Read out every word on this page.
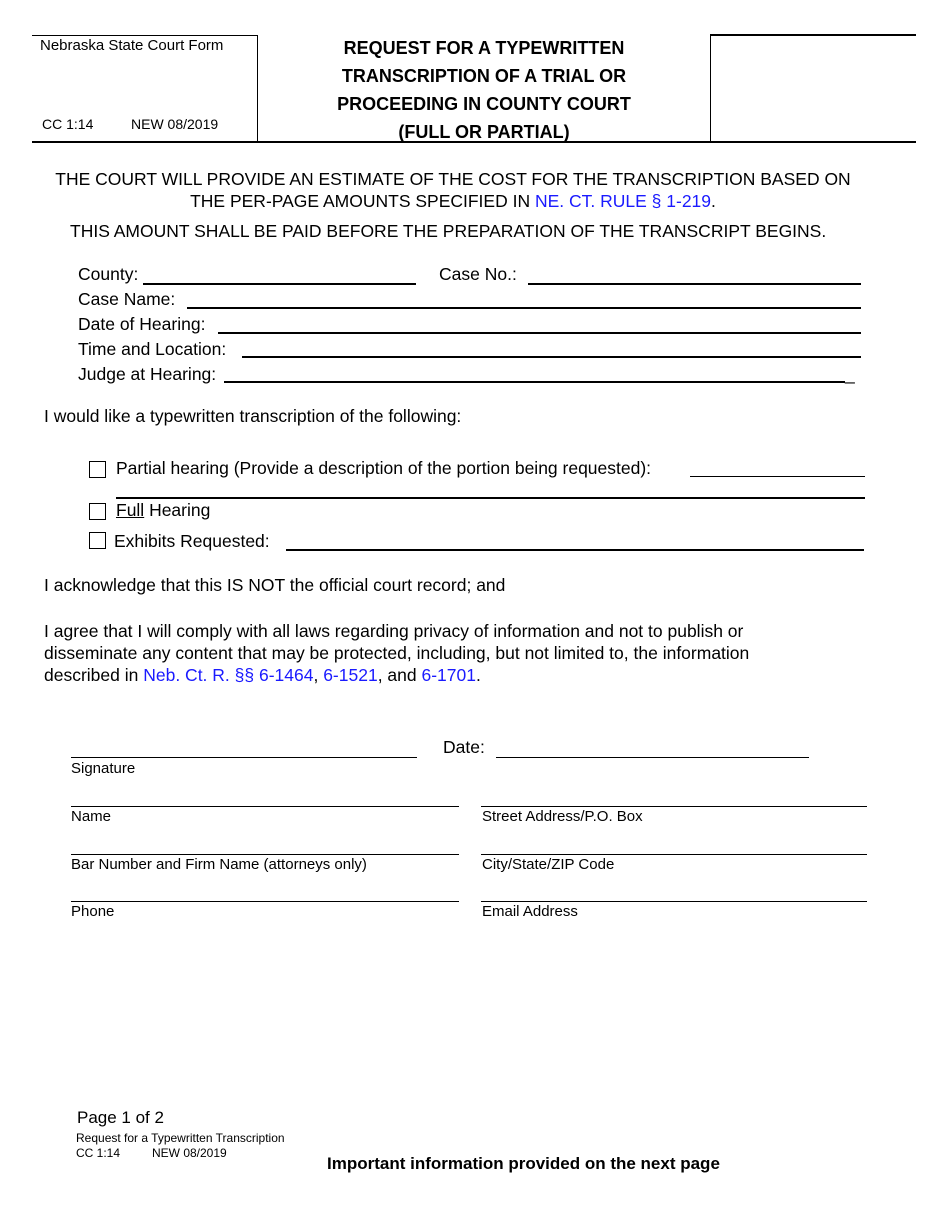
Nebraska State Court Form
CC 1:14	NEW 08/2019
REQUEST FOR A TYPEWRITTEN
TRANSCRIPTION OF A TRIAL OR
PROCEEDING IN COUNTY COURT
(FULL OR PARTIAL)
THE COURT WILL PROVIDE AN ESTIMATE OF THE COST FOR THE TRANSCRIPTION BASED ON
THE PER-PAGE AMOUNTS SPECIFIED IN NE. CT. RULE § 1-219.
THIS AMOUNT SHALL BE PAID BEFORE THE PREPARATION OF THE TRANSCRIPT BEGINS.
County:	Case No.:
Case Name:
Date of Hearing:
Time and Location:
Judge at Hearing:	_
I would like a typewritten transcription of the following:
Partial hearing (Provide a description of the portion being requested):
Full Hearing
Exhibits Requested:
I acknowledge that this IS NOT the official court record; and
I agree that I will comply with all laws regarding privacy of information and not to publish or
disseminate any content that may be protected, including, but not limited to, the information
described in Neb. Ct. R. §§ 6-1464, 6-1521, and 6-1701.
Signature
Date:
Name	Street Address/P.O. Box
Bar Number and Firm Name (attorneys only)	City/State/ZIP Code
Phone	Email Address
Page 1 of 2
Request for a Typewritten Transcription
CC 1:14	NEW 08/2019
Important information provided on the next page
